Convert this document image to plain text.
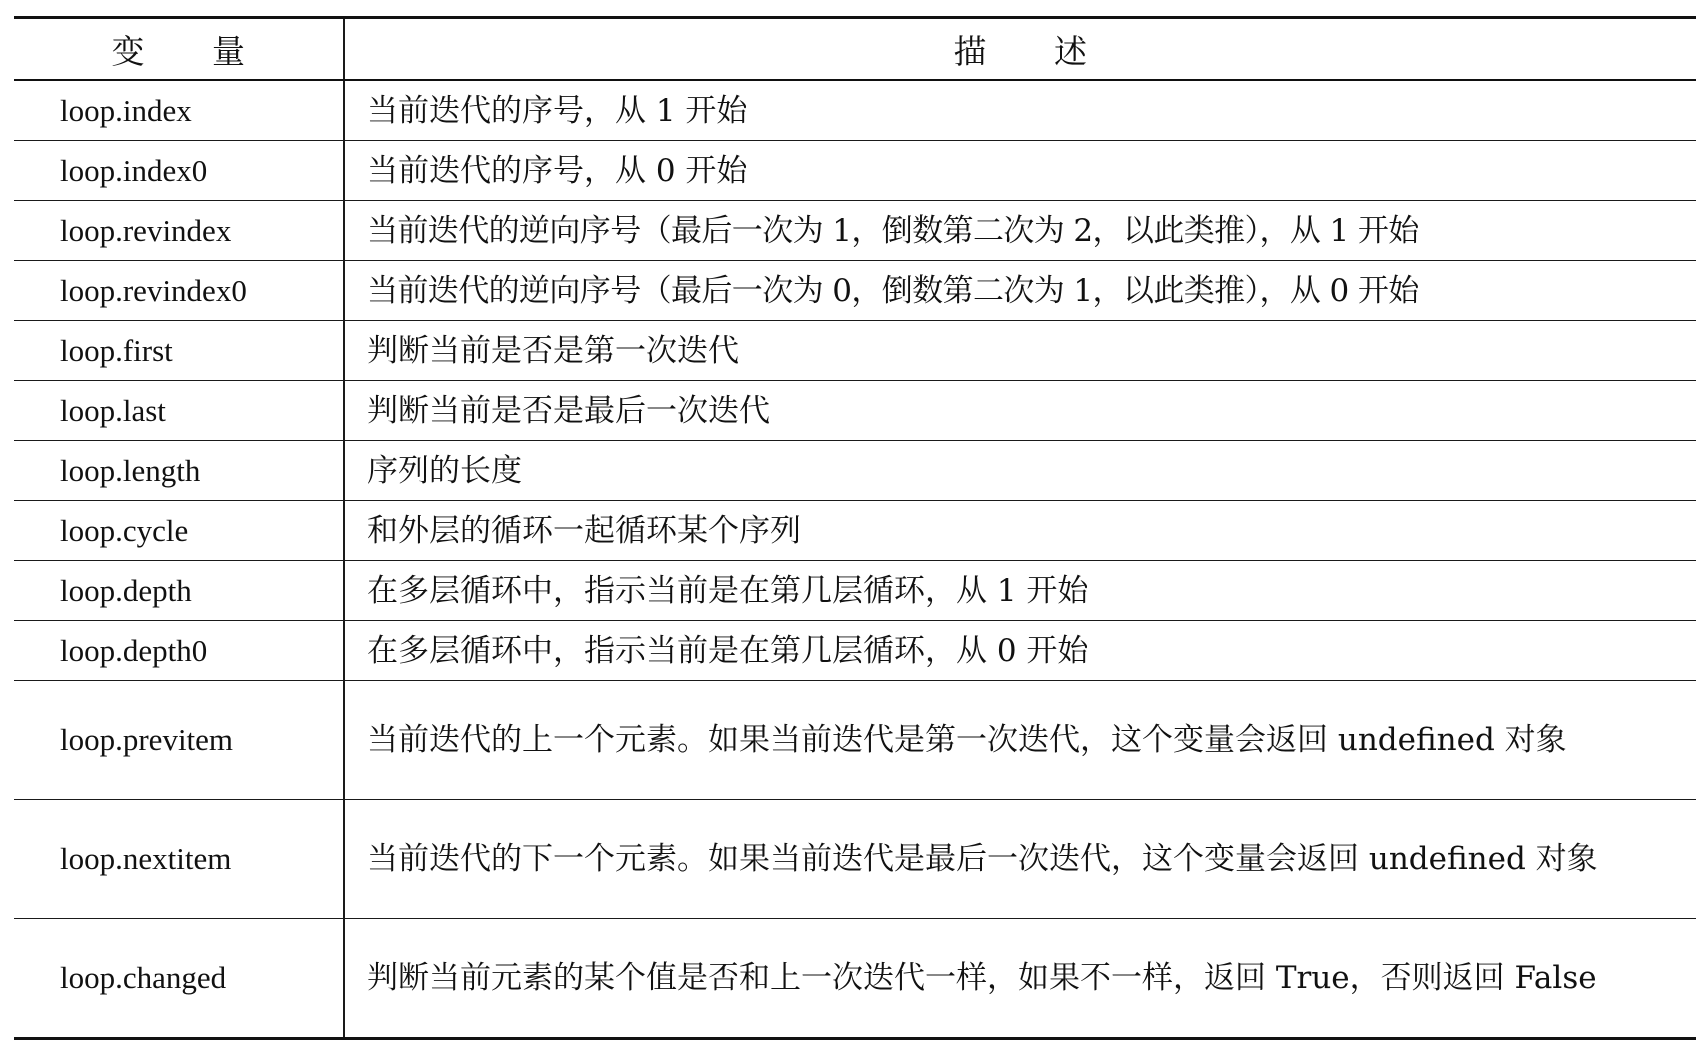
变　　量	描　　述
loop.index	当前迭代的序号，从 1 开始
loop.index0	当前迭代的序号，从 0 开始
loop.revindex	当前迭代的逆向序号（最后一次为 1，倒数第二次为 2，以此类推），从 1 开始
loop.revindex0	当前迭代的逆向序号（最后一次为 0，倒数第二次为 1，以此类推），从 0 开始
loop.first	判断当前是否是第一次迭代
loop.last	判断当前是否是最后一次迭代
loop.length	序列的长度
loop.cycle	和外层的循环一起循环某个序列
loop.depth	在多层循环中，指示当前是在第几层循环，从 1 开始
loop.depth0	在多层循环中，指示当前是在第几层循环，从 0 开始
loop.previtem	当前迭代的上一个元素。如果当前迭代是第一次迭代，这个变量会返回 undefined 对象
loop.nextitem	当前迭代的下一个元素。如果当前迭代是最后一次迭代，这个变量会返回 undefined 对象
loop.changed	判断当前元素的某个值是否和上一次迭代一样，如果不一样，返回 True，否则返回 False
